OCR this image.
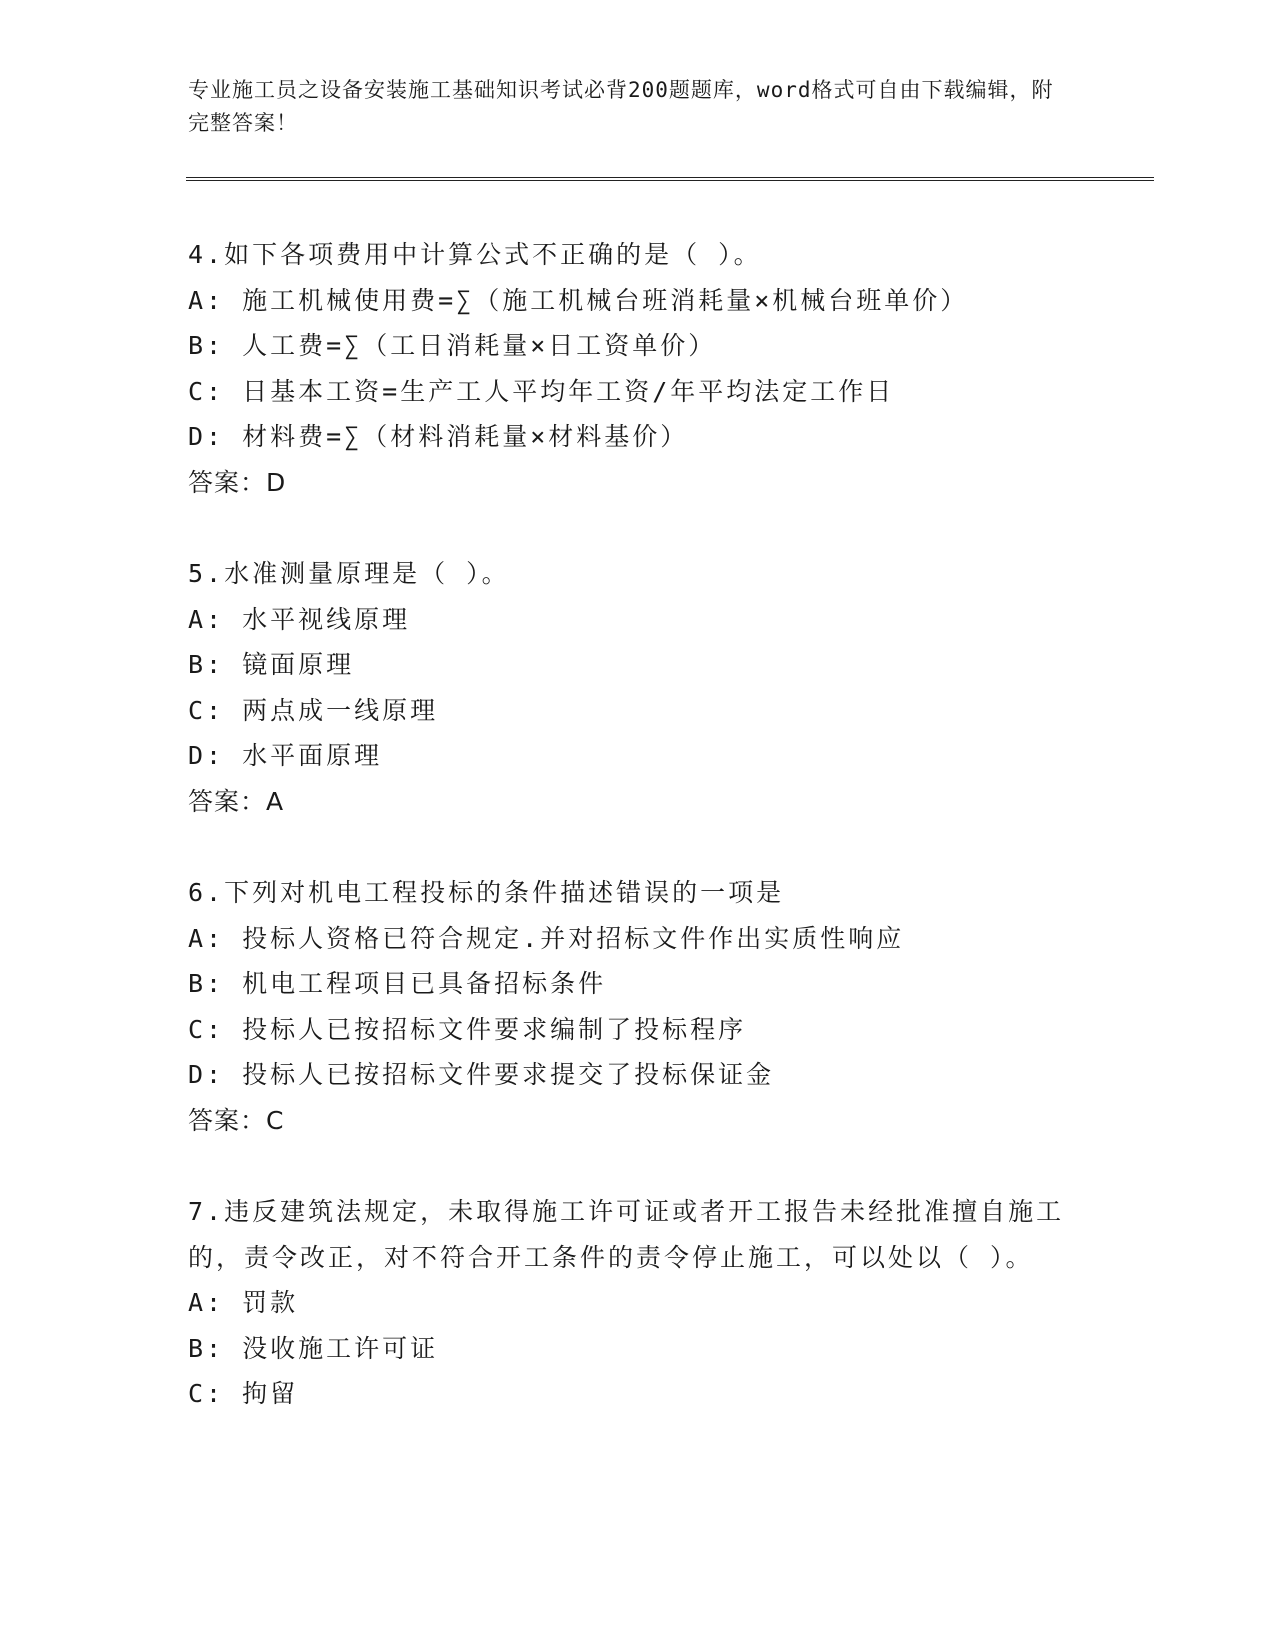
专业施工员之设备安装施工基础知识考试必背200题题库，word格式可自由下载编辑，附完整答案！
4.如下各项费用中计算公式不正确的是（ ）。
A: 施工机械使用费=∑（施工机械台班消耗量×机械台班单价）
B: 人工费=∑（工日消耗量×日工资单价）
C: 日基本工资=生产工人平均年工资/年平均法定工作日
D: 材料费=∑（材料消耗量×材料基价）
答案：D
5.水准测量原理是（ ）。
A: 水平视线原理
B: 镜面原理
C: 两点成一线原理
D: 水平面原理
答案：A
6.下列对机电工程投标的条件描述错误的一项是
A: 投标人资格已符合规定.并对招标文件作出实质性响应
B: 机电工程项目已具备招标条件
C: 投标人已按招标文件要求编制了投标程序
D: 投标人已按招标文件要求提交了投标保证金
答案：C
7.违反建筑法规定，未取得施工许可证或者开工报告未经批准擅自施工的，责令改正，对不符合开工条件的责令停止施工，可以处以（ ）。
A: 罚款
B: 没收施工许可证
C: 拘留
